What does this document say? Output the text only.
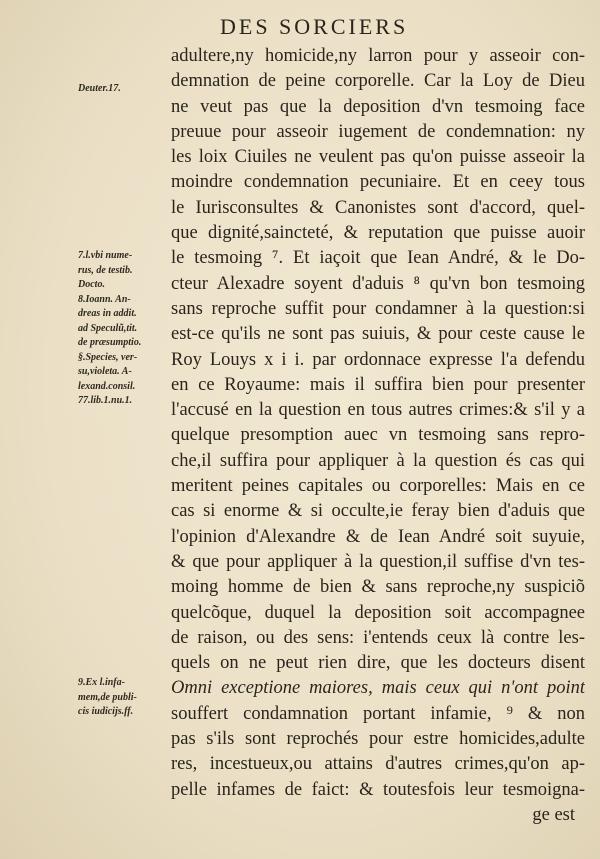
DES SORCIERS
Deuter.17.
7.l.vbi nume-
rus, de testib.
Docto.
8.Ioann. An-
dreas in addit.
ad Speculũ,tit.
de præsumptio.
§.Species, ver-
su,violeta. A-
lexand.consil.
77.lib.1.nu.1.
9.Ex l.infa-
mem,de publi-
cis iudicijs.ff.
adultere,ny homicide,ny larron pour y asseoir con-
demnation de peine corporelle. Car la Loy de Dieu
ne veut pas que la deposition d'vn tesmoing face
preuue pour asseoir iugement de condemnation: ny
les loix Ciuiles ne veulent pas qu'on puisse asseoir la
moindre condemnation pecuniaire. Et en ceey tous
le Iurisconsultes & Canonistes sont d'accord, quel-
que dignité,saincteté, & reputation que puisse auoir
le tesmoing ⁷. Et iaçoit que Iean André, & le Do-
cteur Alexadre soyent d'aduis ⁸ qu'vn bon tesmoing
sans reproche suffit pour condamner à la question:si
est-ce qu'ils ne sont pas suiuis, & pour ceste cause le
Roy Louys x i i. par ordonnace expresse l'a defendu
en ce Royaume: mais il suffira bien pour presenter
l'accusé en la question en tous autres crimes:& s'il y a
quelque presomption auec vn tesmoing sans repro-
che,il suffira pour appliquer à la question és cas qui
meritent peines capitales ou corporelles: Mais en ce
cas si enorme & si occulte,ie feray bien d'aduis que
l'opinion d'Alexandre & de Iean André soit suyuie,
& que pour appliquer à la question,il suffise d'vn tes-
moing homme de bien & sans reproche,ny suspiciõ
quelcõque, duquel la deposition soit accompagnee
de raison, ou des sens: i'entends ceux là contre les-
quels on ne peut rien dire, que les docteurs disent
Omni exceptione maiores, mais ceux qui n'ont point
souffert condamnation portant infamie, ⁹ & non
pas s'ils sont reprochés pour estre homicides,adulte
res, incestueux,ou attains d'autres crimes,qu'on ap-
pelle infames de faict: & toutesfois leur tesmoigna-
ge est
